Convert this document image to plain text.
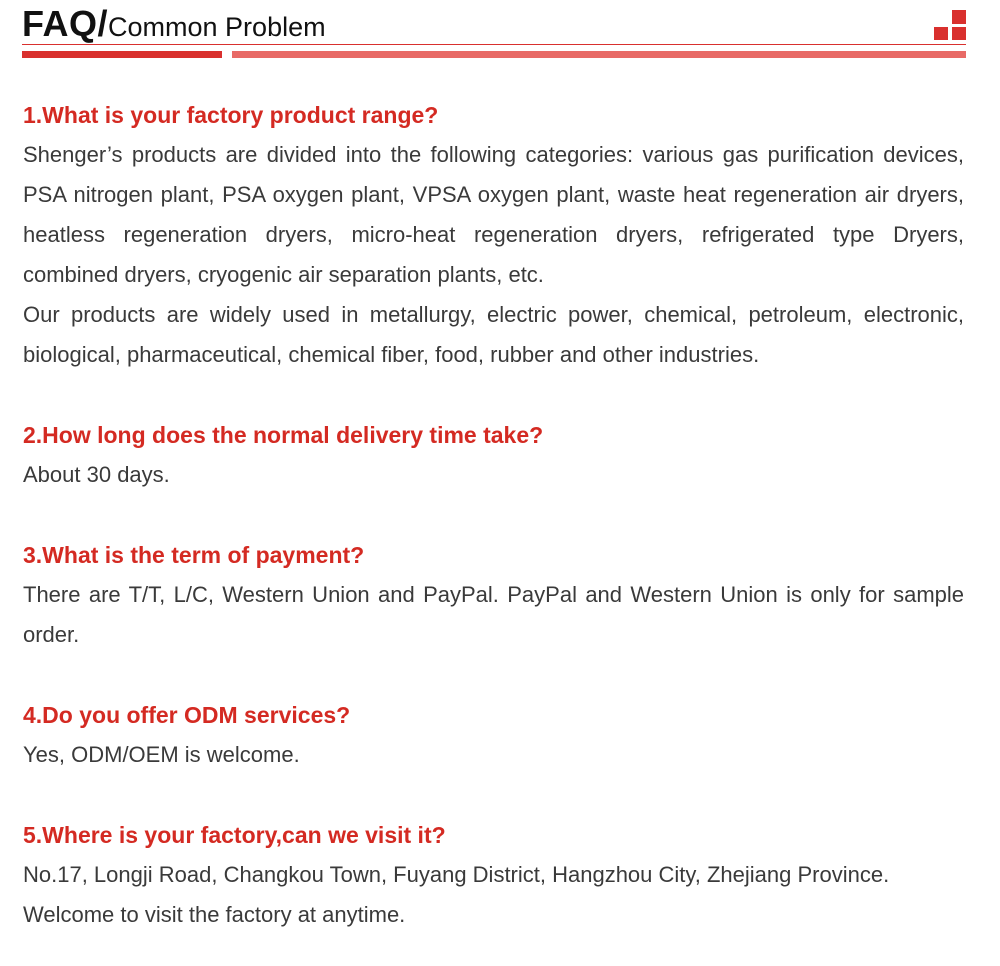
FAQ/Common Problem
1.What is your factory product range?
Shenger’s products are divided into the following categories: various gas purification devices, PSA nitrogen plant, PSA oxygen plant, VPSA oxygen plant, waste heat regeneration air dryers, heatless regeneration dryers, micro-heat regeneration dryers, refrigerated type Dryers, combined dryers, cryogenic air separation plants, etc.
Our products are widely used in metallurgy, electric power, chemical, petroleum, electronic, biological, pharmaceutical, chemical fiber, food, rubber and other industries.
2.How long does the normal delivery time take?
About 30 days.
3.What is the term of payment?
There are T/T, L/C, Western Union and PayPal. PayPal and Western Union is only for sample order.
4.Do you offer ODM services?
Yes, ODM/OEM is welcome.
5.Where is your factory,can we visit it?
No.17, Longji Road, Changkou Town, Fuyang District, Hangzhou City, Zhejiang Province.
Welcome to visit the factory at anytime.
